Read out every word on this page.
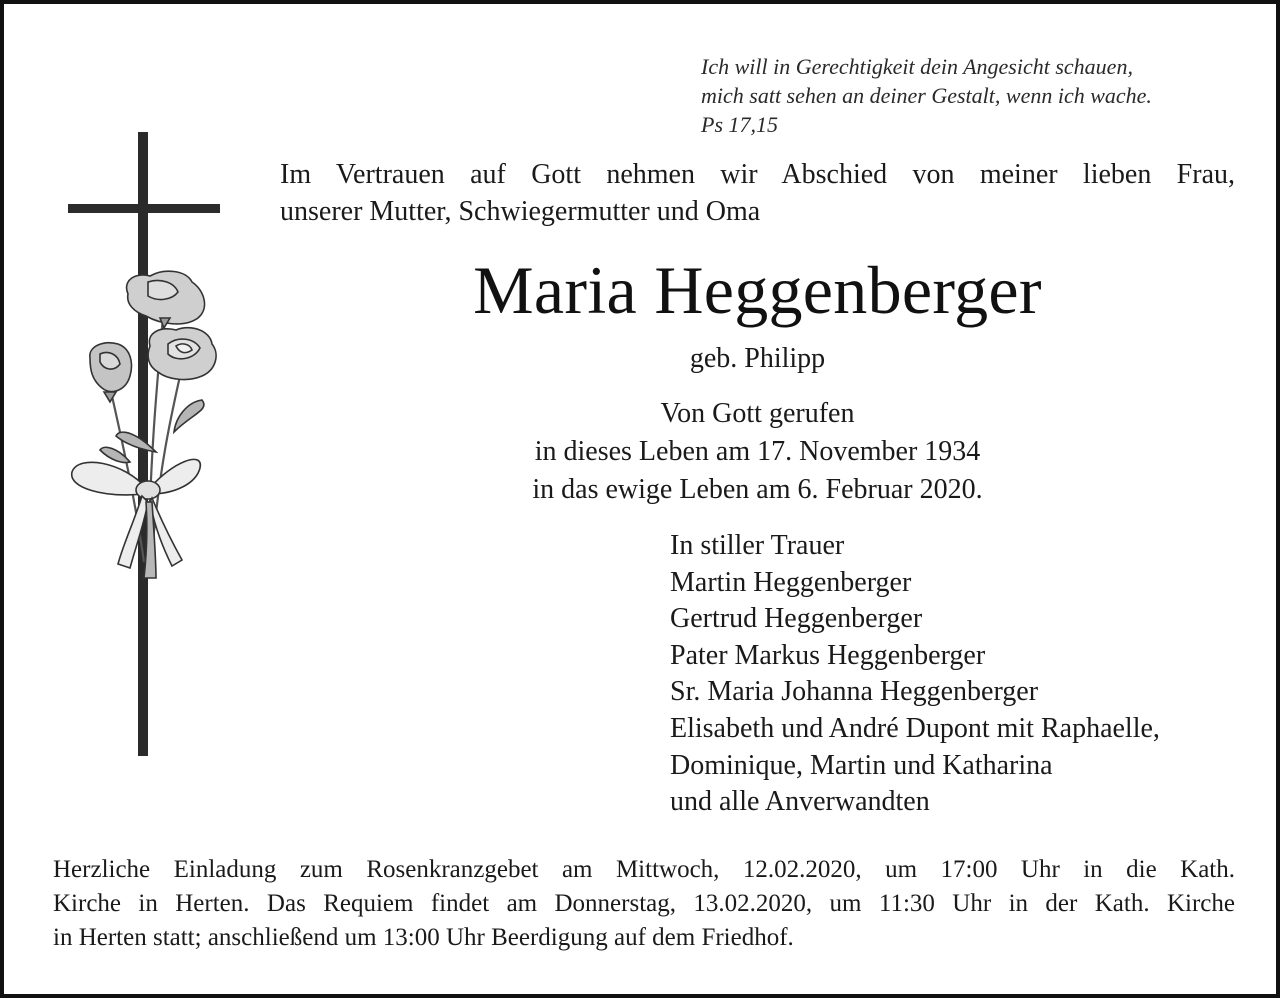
Ich will in Gerechtigkeit dein Angesicht schauen,
mich satt sehen an deiner Gestalt, wenn ich wache.
Ps 17,15
Im Vertrauen auf Gott nehmen wir Abschied von meiner lieben Frau,
unserer Mutter, Schwiegermutter und Oma
Maria Heggenberger
geb. Philipp
Von Gott gerufen
in dieses Leben am 17. November 1934
in das ewige Leben am 6. Februar 2020.
In stiller Trauer
Martin Heggenberger
Gertrud Heggenberger
Pater Markus Heggenberger
Sr. Maria Johanna Heggenberger
Elisabeth und André Dupont mit Raphaelle,
Dominique, Martin und Katharina
und alle Anverwandten
Herzliche Einladung zum Rosenkranzgebet am Mittwoch, 12.02.2020, um 17:00 Uhr in die Kath.
Kirche in Herten. Das Requiem findet am Donnerstag, 13.02.2020, um 11:30 Uhr in der Kath. Kirche
in Herten statt; anschließend um 13:00 Uhr Beerdigung auf dem Friedhof.
